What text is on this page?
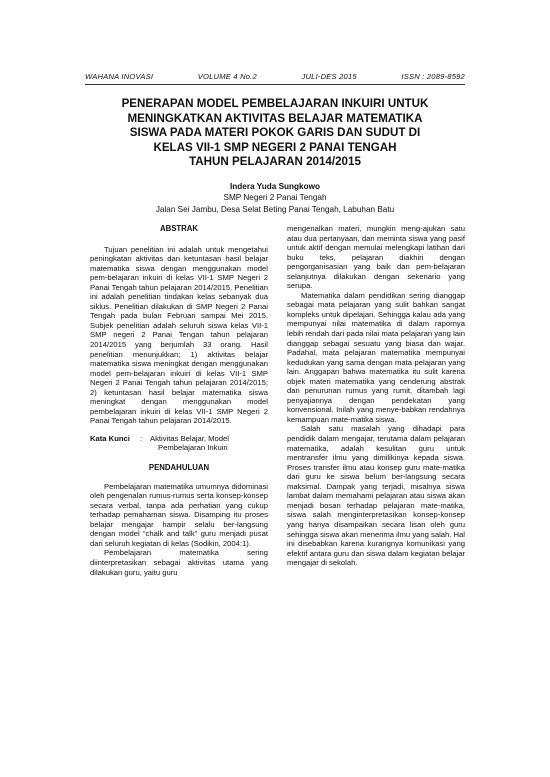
WAHANA INOVASI	VOLUME 4 No.2	JULI-DES 2015	ISSN : 2089-8592
PENERAPAN MODEL PEMBELAJARAN INKUIRI UNTUK
MENINGKATKAN AKTIVITAS BELAJAR MATEMATIKA
SISWA PADA MATERI POKOK GARIS DAN SUDUT DI
KELAS VII-1 SMP NEGERI 2 PANAI TENGAH
TAHUN PELAJARAN 2014/2015
Indera Yuda Sungkowo
SMP Negeri 2 Panai Tengah
Jalan Sei Jambu, Desa Selat Beting Panai Tengah, Labuhan Batu
ABSTRAK

Tujuan penelitian ini adalah untuk mengetahui peningkatan aktivitas dan ketuntasan hasil belajar matematika siswa dengan menggunakan model pem-belajaran inkuiri di kelas VII-1 SMP Negeri 2 Panai Tengah tahun pelajaran 2014/2015. Penelitian ini adalah penelitian tindakan kelas sebanyak dua siklus. Penelitian dilakukan di SMP Negeri 2 Panai Tengah pada bulan Februari sampai Mei 2015. Subjek penelitian adalah seluruh siswa kelas VII-1 SMP negeri 2 Panai Tengan tahun pelajaran 2014/2015 yang berjumlah 33 orang. Hasil penelitian menunjukkan; 1) aktivitas belajar matematika siswa meningkat dengan menggunakan model pem-belajaran inkuiri di kelas VII-1 SMP Negeri 2 Panai Tengah tahun pelajaran 2014/2015; 2) ketuntasan hasil belajar matematika siswa meningkat dengan menggunakan model pembelajaran inkuiri di kelas VII-1 SMP Negeri 2 Panai Tengah tahun pelajaran 2014/2015.

Kata Kunci	:	Aktivitas Belajar, Model
Pembelajaran Inkuiri
PENDAHULUAN

Pembelajaran matematika umumnya didominasi oleh pengenalan rumus-rumus serta konsep-konsep secara verbal, tanpa ada perhatian yang cukup terhadap pemahaman siswa. Disamping itu proses belajar mengajar hampir selalu ber-langsung dengan model “chalk and talk” guru menjadi pusat dari seluruh kegiatan di kelas (Sodikin, 2004:1).

Pembelajaran matematika sering diinterpretasikan sebagai aktivitas utama yang dilakukan guru, yaitu guru

mengenalkan materi, mungkin meng-ajukan satu atau dua pertanyaan, dan meminta siswa yang pasif untuk aktif dengan memulai melengkapi latihan dari buku teks, pelajaran diakhiri dengan pengorganisasian yang baik dan pem-belajaran selanjutnya dilakukan dengan sekenario yang serupa.

Matematika dalam pendidikan sering dianggap sebagai mata pelajaran yang sulit bahkan sangat kompleks untuk dipelajari. Sehingga kalau ada yang mempunyai nilai matematika di dalam rapornya lebih rendah dari pada nilai mata pelajaran yang lain dianggap sebagai sesuatu yang biasa dan wajar. Padahal, mata pelajaran matematika mempunyai kedudukan yang sama dengan mata pelajaran yang lain. Anggapan bahwa matematika itu sulit karena objek materi matematika yang cenderung abstrak dan penurunan rumus yang rumit, ditambah lagi penyajiannya dengan pendekatan yang konvensional. Inilah yang menye-babkan rendahnya kemampuan mate-matika siswa.

Salah satu masalah yang dihadapi para pendidik dalam mengajar, terutama dalam pelajaran matematika, adalah kesulitan guru untuk mentransfer ilmu yang dimilikinya kepada siswa. Proses transfer ilmu atau konsep guru mate-matika dari guru ke siswa belum ber-langsung secara maksimal. Dampak yang terjadi, misalnya siswa lambat dalam memahami pelajaran atau siswa akan menjadi bosan terhadap pelajaran mate-matika, siswa salah menginterpretasikan konsep-konsep yang hanya disampaikan secara lisan oleh guru sehingga siswa akan menerima ilmu yang salah. Hal ini disebabkan karena kurangnya komunikasi yang efektif antara guru dan siswa dalam kegiatan belajar mengajar di sekolah.
